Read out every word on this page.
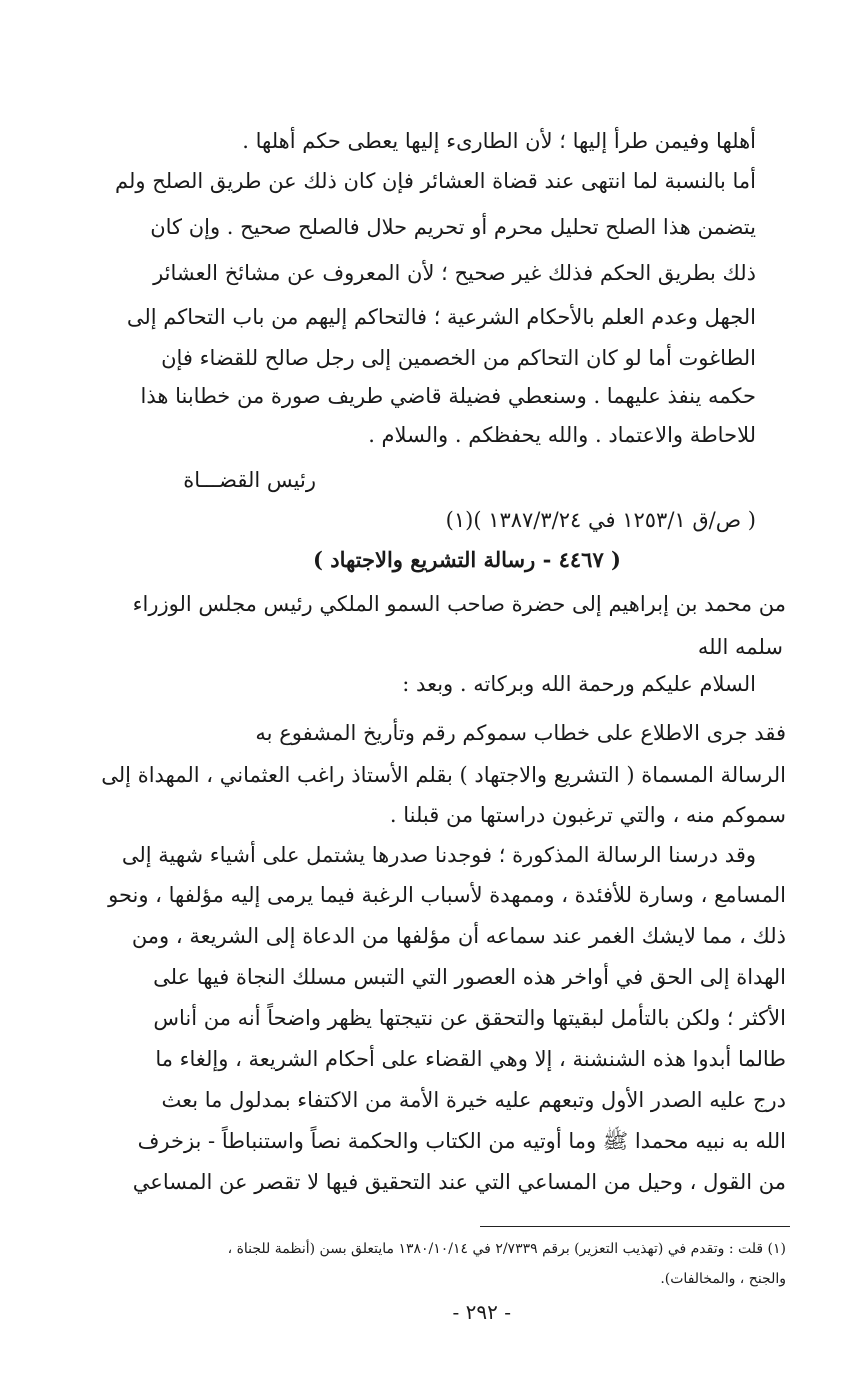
أهلها وفيمن طرأ إليها ؛ لأن الطارىء إليها يعطى حكم أهلها .
أما بالنسبة لما انتهى عند قضاة العشائر فإن كان ذلك عن طريق الصلح ولم
يتضمن هذا الصلح تحليل محرم أو تحريم حلال فالصلح صحيح . وإن كان
ذلك بطريق الحكم فذلك غير صحيح ؛ لأن المعروف عن مشائخ العشائر
الجهل وعدم العلم بالأحكام الشرعية ؛ فالتحاكم إليهم من باب التحاكم إلى
الطاغوت أما لو كان التحاكم من الخصمين إلى رجل صالح للقضاء فإن
حكمه ينفذ عليهما . وسنعطي فضيلة قاضي طريف صورة من خطابنا هذا
للاحاطة والاعتماد . والله يحفظكم . والسلام .
رئيس القضـــاة
( ص/ق ١٢٥٣/١ في ١٣٨٧/٣/٢٤ )(١)
( ٤٤٦٧ - رسالة التشريع والاجتهاد )
من محمد بن إبراهيم إلى حضرة صاحب السمو الملكي رئيس مجلس الوزراء
سلمه الله
السلام عليكم ورحمة الله وبركاته . وبعد :
فقد جرى الاطلاع على خطاب سموكم رقم وتأريخ المشفوع به
الرسالة المسماة ( التشريع والاجتهاد ) بقلم الأستاذ راغب العثماني ، المهداة إلى
سموكم منه ، والتي ترغبون دراستها من قبلنا .
وقد درسنا الرسالة المذكورة ؛ فوجدنا صدرها يشتمل على أشياء شهية إلى
المسامع ، وسارة للأفئدة ، وممهدة لأسباب الرغبة فيما يرمى إليه مؤلفها ، ونحو
ذلك ، مما لايشك الغمر عند سماعه أن مؤلفها من الدعاة إلى الشريعة ، ومن
الهداة إلى الحق في أواخر هذه العصور التي التبس مسلك النجاة فيها على
الأكثر ؛ ولكن بالتأمل لبقيتها والتحقق عن نتيجتها يظهر واضحاً أنه من أناس
طالما أبدوا هذه الشنشنة ، إلا وهي القضاء على أحكام الشريعة ، وإلغاء ما
درج عليه الصدر الأول وتبعهم عليه خيرة الأمة من الاكتفاء بمدلول ما بعث
الله به نبيه محمدا ﷺ وما أوتيه من الكتاب والحكمة نصاً واستنباطاً - بزخرف
من القول ، وحيل من المساعي التي عند التحقيق فيها لا تقصر عن المساعي
(١) قلت : وتقدم في (تهذيب التعزير) برقم ٢/٧٣٣٩ في ١٣٨٠/١٠/١٤ مايتعلق بسن (أنظمة للجناة ،
والجنح ، والمخالفات).
- ٢٩٢ -
